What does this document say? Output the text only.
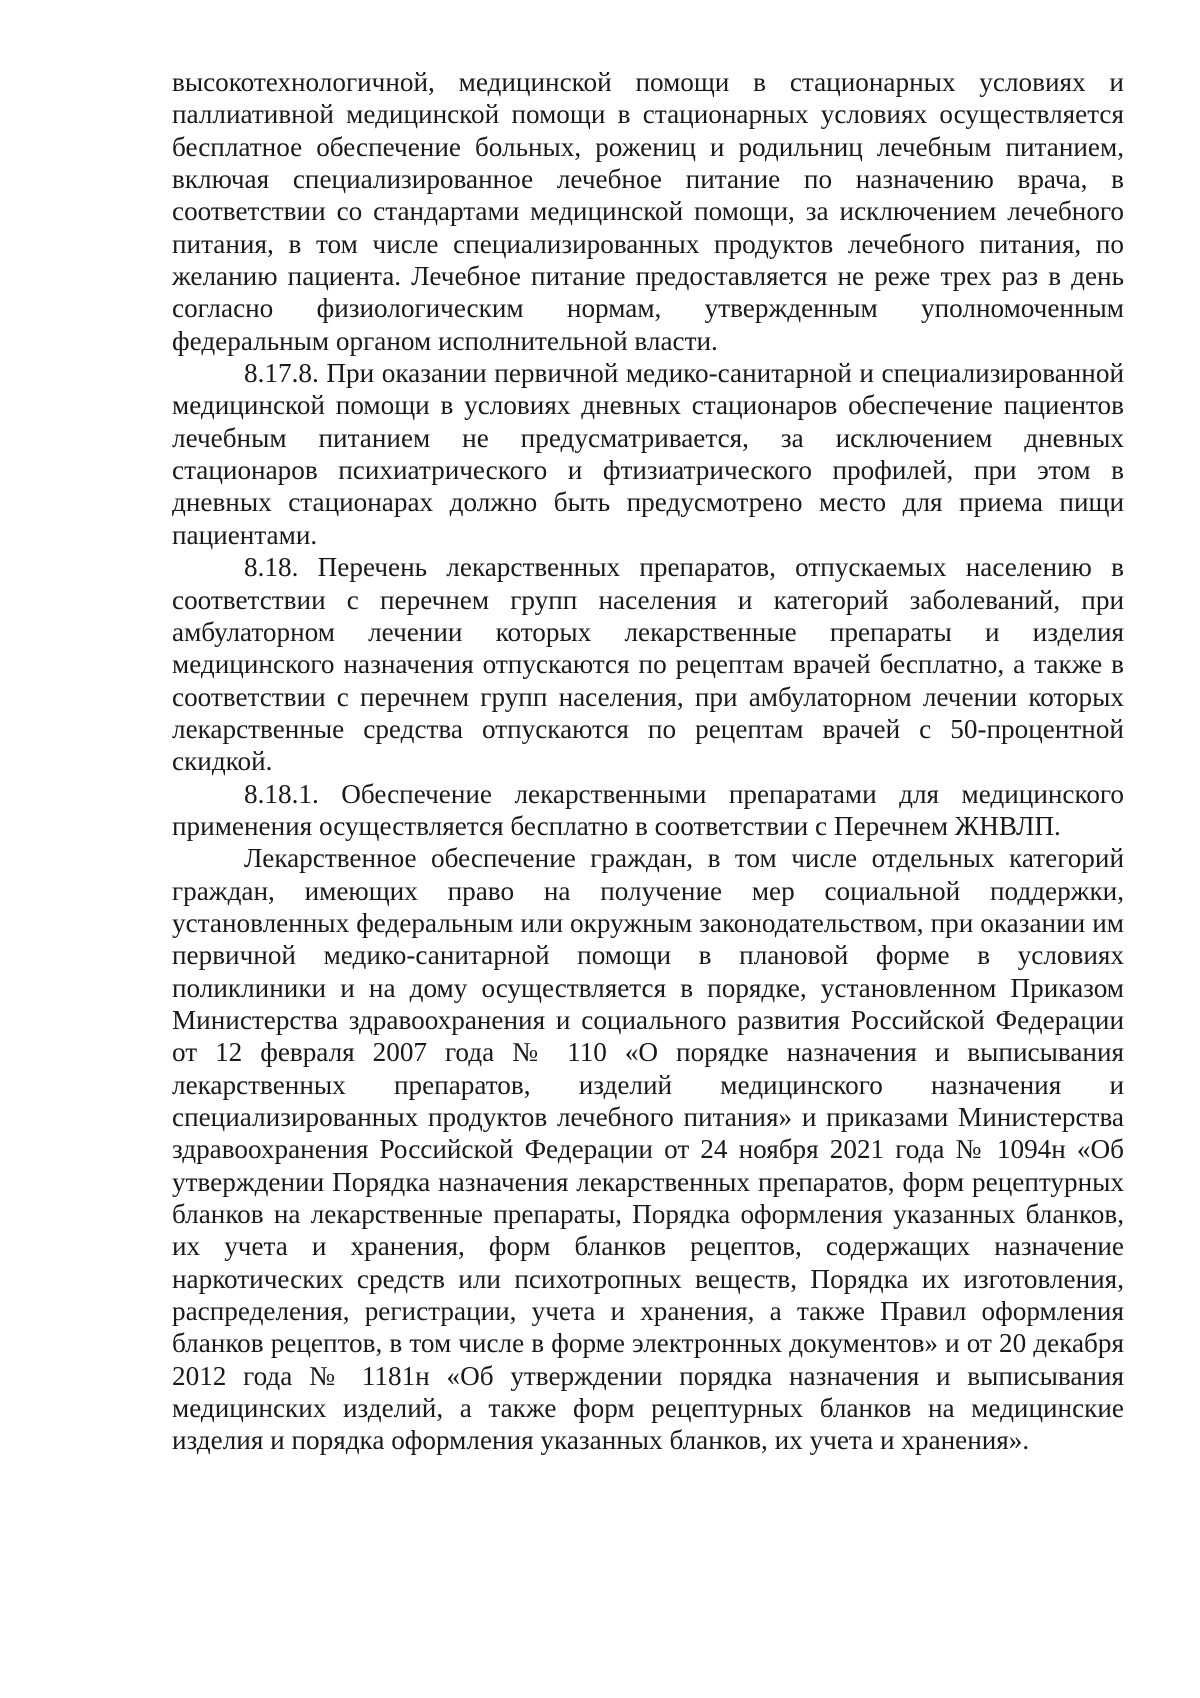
высокотехнологичной, медицинской помощи в стационарных условиях и паллиативной медицинской помощи в стационарных условиях осуществляется бесплатное обеспечение больных, рожениц и родильниц лечебным питанием, включая специализированное лечебное питание по назначению врача, в соответствии со стандартами медицинской помощи, за исключением лечебного питания, в том числе специализированных продуктов лечебного питания, по желанию пациента. Лечебное питание предоставляется не реже трех раз в день согласно физиологическим нормам, утвержденным уполномоченным федеральным органом исполнительной власти.

8.17.8. При оказании первичной медико-санитарной и специализированной медицинской помощи в условиях дневных стационаров обеспечение пациентов лечебным питанием не предусматривается, за исключением дневных стационаров психиатрического и фтизиатрического профилей, при этом в дневных стационарах должно быть предусмотрено место для приема пищи пациентами.

8.18. Перечень лекарственных препаратов, отпускаемых населению в соответствии с перечнем групп населения и категорий заболеваний, при амбулаторном лечении которых лекарственные препараты и изделия медицинского назначения отпускаются по рецептам врачей бесплатно, а также в соответствии с перечнем групп населения, при амбулаторном лечении которых лекарственные средства отпускаются по рецептам врачей с 50-процентной скидкой.

8.18.1. Обеспечение лекарственными препаратами для медицинского применения осуществляется бесплатно в соответствии с Перечнем ЖНВЛП.

Лекарственное обеспечение граждан, в том числе отдельных категорий граждан, имеющих право на получение мер социальной поддержки, установленных федеральным или окружным законодательством, при оказании им первичной медико-санитарной помощи в плановой форме в условиях поликлиники и на дому осуществляется в порядке, установленном Приказом Министерства здравоохранения и социального развития Российской Федерации от 12 февраля 2007 года № 110 «О порядке назначения и выписывания лекарственных препаратов, изделий медицинского назначения и специализированных продуктов лечебного питания» и приказами Министерства здравоохранения Российской Федерации от 24 ноября 2021 года № 1094н «Об утверждении Порядка назначения лекарственных препаратов, форм рецептурных бланков на лекарственные препараты, Порядка оформления указанных бланков, их учета и хранения, форм бланков рецептов, содержащих назначение наркотических средств или психотропных веществ, Порядка их изготовления, распределения, регистрации, учета и хранения, а также Правил оформления бланков рецептов, в том числе в форме электронных документов» и от 20 декабря 2012 года № 1181н «Об утверждении порядка назначения и выписывания медицинских изделий, а также форм рецептурных бланков на медицинские изделия и порядка оформления указанных бланков, их учета и хранения».
